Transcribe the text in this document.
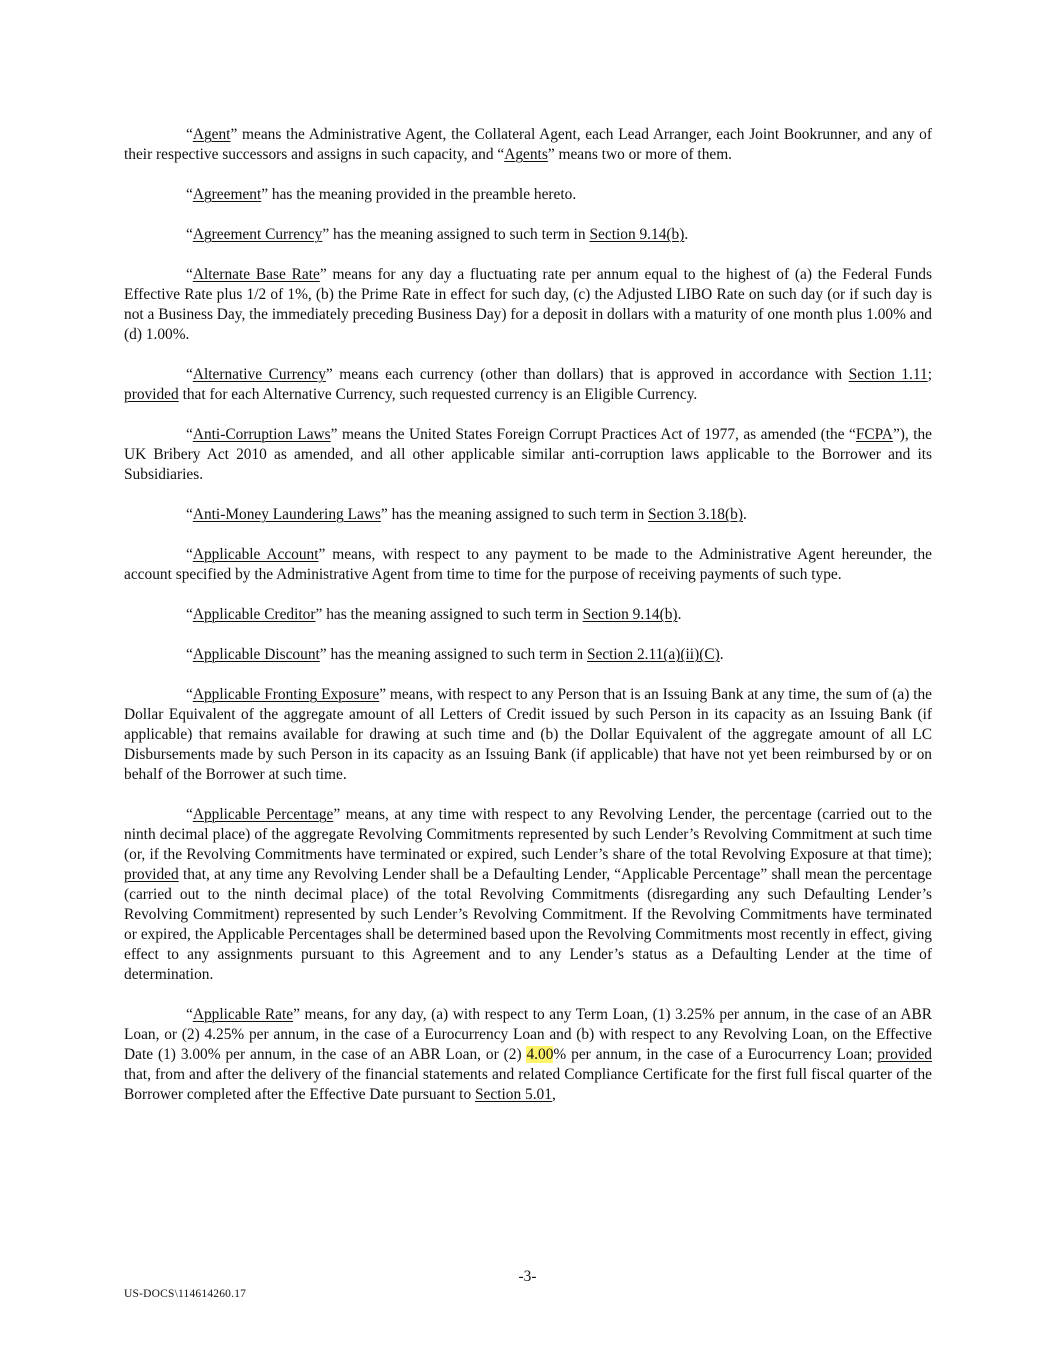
“Agent” means the Administrative Agent, the Collateral Agent, each Lead Arranger, each Joint Bookrunner, and any of their respective successors and assigns in such capacity, and “Agents” means two or more of them.

“Agreement” has the meaning provided in the preamble hereto.

“Agreement Currency” has the meaning assigned to such term in Section 9.14(b).

“Alternate Base Rate” means for any day a fluctuating rate per annum equal to the highest of (a) the Federal Funds Effective Rate plus 1/2 of 1%, (b) the Prime Rate in effect for such day, (c) the Adjusted LIBO Rate on such day (or if such day is not a Business Day, the immediately preceding Business Day) for a deposit in dollars with a maturity of one month plus 1.00% and (d) 1.00%.

“Alternative Currency” means each currency (other than dollars) that is approved in accordance with Section 1.11; provided that for each Alternative Currency, such requested currency is an Eligible Currency.

“Anti-Corruption Laws” means the United States Foreign Corrupt Practices Act of 1977, as amended (the “FCPA”), the UK Bribery Act 2010 as amended, and all other applicable similar anti-corruption laws applicable to the Borrower and its Subsidiaries.

“Anti-Money Laundering Laws” has the meaning assigned to such term in Section 3.18(b).

“Applicable Account” means, with respect to any payment to be made to the Administrative Agent hereunder, the account specified by the Administrative Agent from time to time for the purpose of receiving payments of such type.

“Applicable Creditor” has the meaning assigned to such term in Section 9.14(b).

“Applicable Discount” has the meaning assigned to such term in Section 2.11(a)(ii)(C).

“Applicable Fronting Exposure” means, with respect to any Person that is an Issuing Bank at any time, the sum of (a) the Dollar Equivalent of the aggregate amount of all Letters of Credit issued by such Person in its capacity as an Issuing Bank (if applicable) that remains available for drawing at such time and (b) the Dollar Equivalent of the aggregate amount of all LC Disbursements made by such Person in its capacity as an Issuing Bank (if applicable) that have not yet been reimbursed by or on behalf of the Borrower at such time.

“Applicable Percentage” means, at any time with respect to any Revolving Lender, the percentage (carried out to the ninth decimal place) of the aggregate Revolving Commitments represented by such Lender’s Revolving Commitment at such time (or, if the Revolving Commitments have terminated or expired, such Lender’s share of the total Revolving Exposure at that time); provided that, at any time any Revolving Lender shall be a Defaulting Lender, “Applicable Percentage” shall mean the percentage (carried out to the ninth decimal place) of the total Revolving Commitments (disregarding any such Defaulting Lender’s Revolving Commitment) represented by such Lender’s Revolving Commitment. If the Revolving Commitments have terminated or expired, the Applicable Percentages shall be determined based upon the Revolving Commitments most recently in effect, giving effect to any assignments pursuant to this Agreement and to any Lender’s status as a Defaulting Lender at the time of determination.

“Applicable Rate” means, for any day, (a) with respect to any Term Loan, (1) 3.25% per annum, in the case of an ABR Loan, or (2) 4.25% per annum, in the case of a Eurocurrency Loan and (b) with respect to any Revolving Loan, on the Effective Date (1) 3.00% per annum, in the case of an ABR Loan, or (2) 4.00% per annum, in the case of a Eurocurrency Loan; provided that, from and after the delivery of the financial statements and related Compliance Certificate for the first full fiscal quarter of the Borrower completed after the Effective Date pursuant to Section 5.01,

-3-
US-DOCS\114614260.17
